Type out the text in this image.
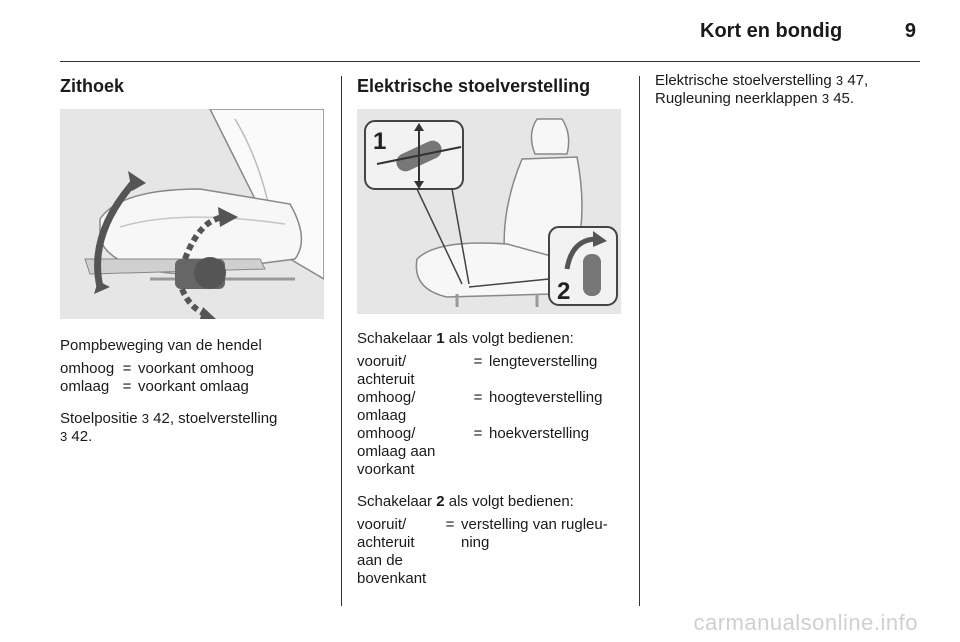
Kort en bondig	9
Zithoek

Pompbeweging van de hendel

omhoog = voorkant omhoog
omlaag = voorkant omlaag

Stoelpositie 3 42, stoelverstelling
3 42.

Elektrische stoelverstelling
1
2

Schakelaar 1 als volgt bedienen:

vooruit/ achteruit
= lengteverstelling
omhoog/ omlaag
= hoogteverstelling
omhoog/ omlaag aan voorkant
= hoekverstelling

Schakelaar 2 als volgt bedienen:

vooruit/ achteruit aan de bovenkant
= verstelling van rugleu-ning

Elektrische stoelverstelling 3 47,

Rugleuning neerklappen 3 45.

carmanualsonline.info
